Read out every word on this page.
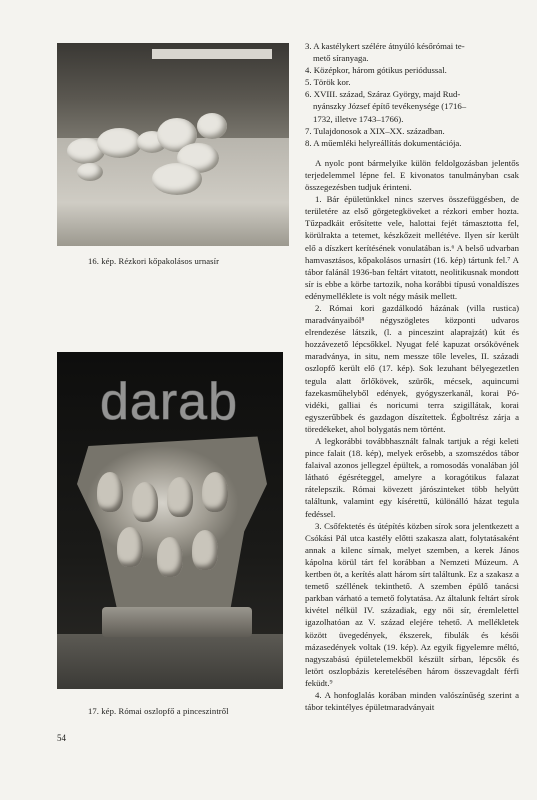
16. kép. Rézkori kőpakolásos urnasír
17. kép. Római oszlopfő a pinceszintről

3. A kastélykert szélére átnyúló későrómai te-

mető síranyaga.

4. Középkor, három gótikus periódussal.

5. Török kor.

6. XVIII. század, Száraz György, majd Rud-

nyánszky József építő tevékenysége (1716–

1732, illetve 1743–1766).

7. Tulajdonosok a XIX–XX. században.

8. A műemléki helyreállítás dokumentációja.

A nyolc pont bármelyike külön feldolgozásban jelentős terjedelemmel lépne fel. E kivonatos tanulmányban csak összegezésben tudjuk érinteni.

1. Bár épületünkkel nincs szerves összefüggésben, de területére az első görgetegköveket a rézkori ember hozta. Tűzpadkáit erősítette vele, halottai fejét támasztotta fel, körülrakta a tetemet, készkőzeit mellétéve. Ilyen sír került elő a díszkert kerítésének vonulatában is.⁶ A belső udvarban hamvasztásos, kőpakolásos urnasírt (16. kép) tártunk fel.⁷ A tábor falánál 1936-ban feltárt vitatott, neolitikusnak mondott sír is ebbe a körbe tartozik, noha korábbi típusú vonaldíszes edénymelléklete is volt négy másik mellett.

2. Római kori gazdálkodó házának (villa rustica) maradványaiból⁸ négyszögletes központi udvaros elrendezése látszik, (l. a pinceszint alaprajzát) kút és hozzávezető lépcsőkkel. Nyugat felé kapuzat orsókövének maradványa, in situ, nem messze tőle leveles, II. századi oszlopfő került elő (17. kép). Sok lezuhant bélyegezetlen tegula alatt őrlőkövek, szürők, mécsek, aquincumi fazekasműhelyből edények, gyógyszerkanál, korai Pó-vidéki, galliai és noricumi terra szigillátak, korai egyszerűbbek és gazdagon díszítettek. Égboltrész zárja a töredékeket, ahol bolygatás nem történt.

A legkorábbi továbbhasznált falnak tartjuk a régi keleti pince falait (18. kép), melyek erősebb, a szomszédos tábor falaival azonos jellegzel épültek, a romosodás vonalában jól látható égésréteggel, amelyre a koragótikus falazat rátelepszik. Római kövezett járószinteket több helyütt találtunk, valamint egy kísérettű, különálló házat tegula fedéssel.

3. Csőfektetés és útépítés közben sírok sora jelentkezett a Csókási Pál utca kastély előtti szakasza alatt, folytatásaként annak a kilenc sírnak, melyet szemben, a kerek János kápolna körül tárt fel korábban a Nemzeti Múzeum. A kertben öt, a kerítés alatt három sírt találtunk. Ez a szakasz a temető széllének tekinthető. A szemben épülő tanácsi parkban várható a temető folytatása. Az általunk feltárt sírok kivétel nélkül IV. századiak, egy női sír, éremlelettel igazolhatóan az V. század elejére tehető. A mellékletek között üvegedények, ékszerek, fibulák és késői mázasedények voltak (19. kép). Az egyik figyelemre méltó, nagyszabású épületelemekből készült sírban, lépcsők és letört oszlopbázis keretelésében három összevagdalt férfi feküdt.⁹

4. A honfoglalás korában minden valószínűség szerint a tábor tekintélyes épületmaradványait

54
darab
